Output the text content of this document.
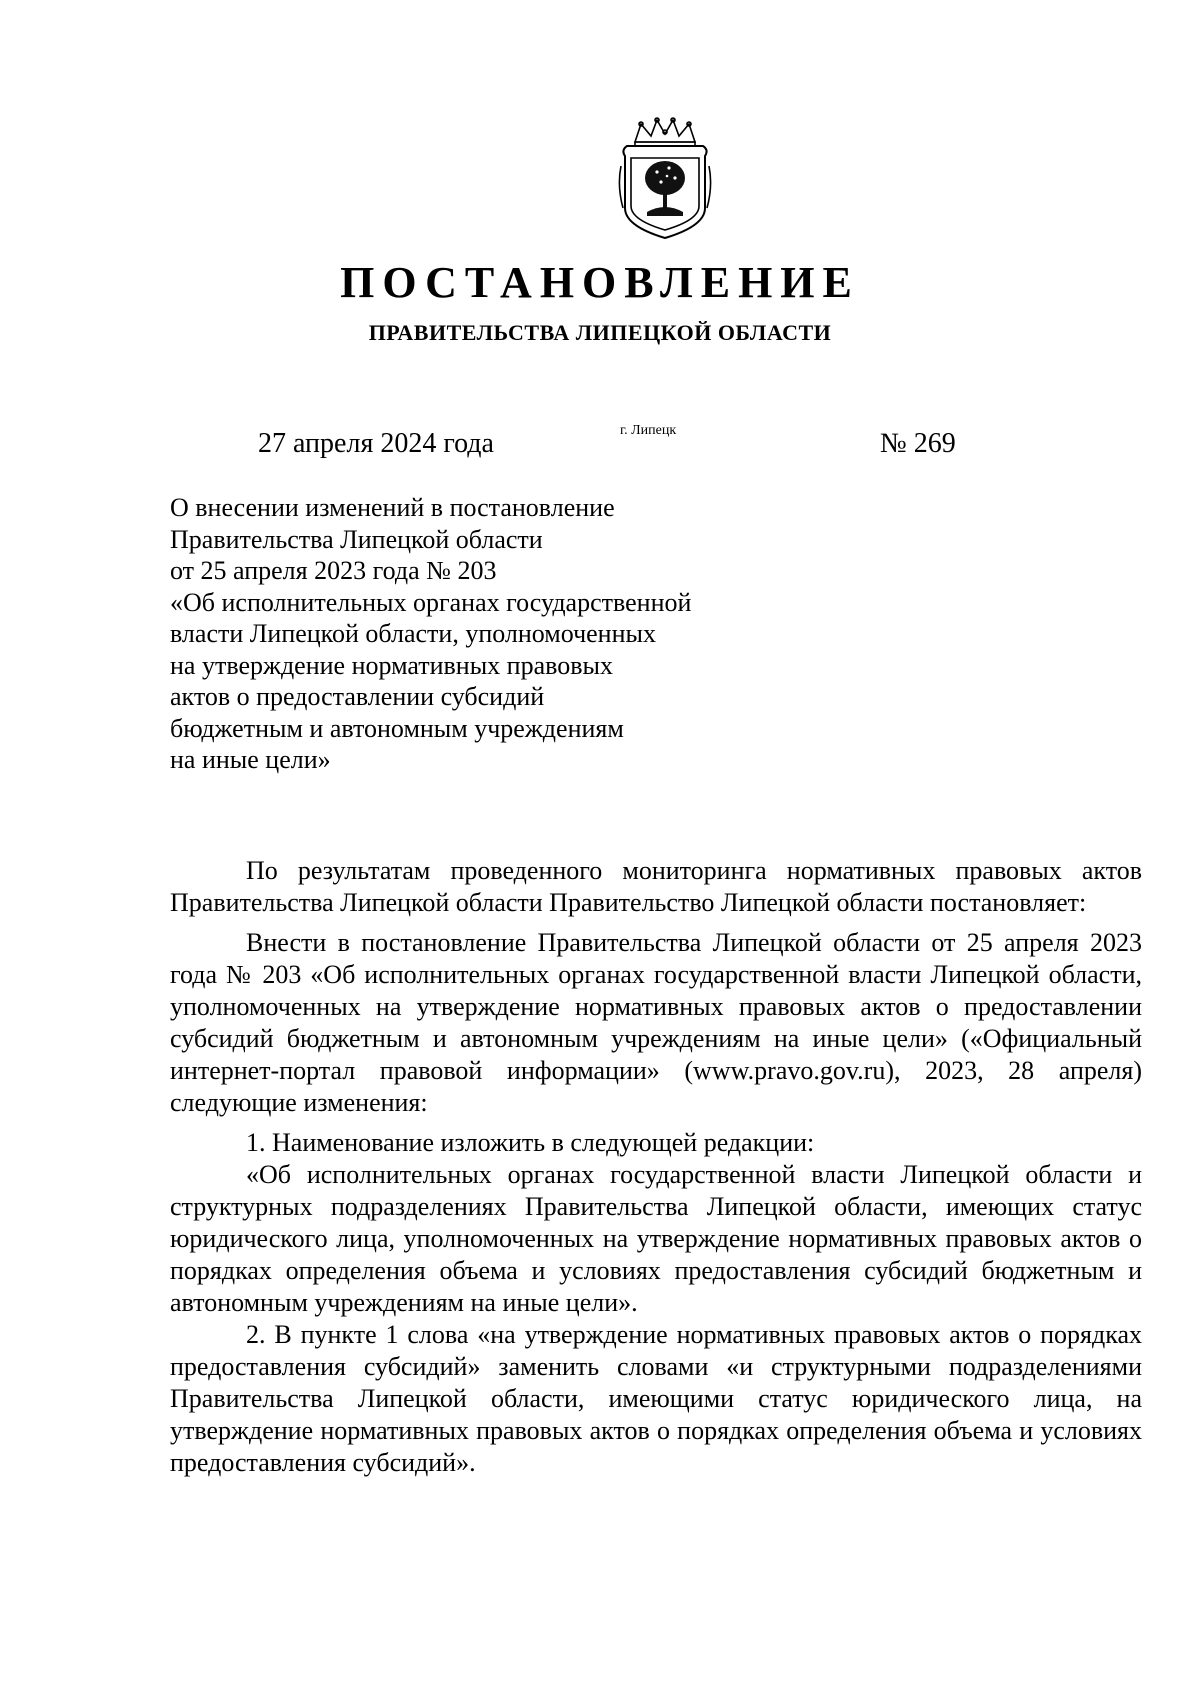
ПОСТАНОВЛЕНИЕ
ПРАВИТЕЛЬСТВА ЛИПЕЦКОЙ ОБЛАСТИ
27 апреля 2024 года	г. Липецк	№ 269
О внесении изменений в постановление
Правительства Липецкой области
от 25 апреля 2023 года № 203
«Об исполнительных органах государственной
власти Липецкой области, уполномоченных
на утверждение нормативных правовых
актов о предоставлении субсидий
бюджетным и автономным учреждениям
на иные цели»

По результатам проведенного мониторинга нормативных правовых актов Правительства Липецкой области Правительство Липецкой области постановляет:

Внести в постановление Правительства Липецкой области от 25 апреля 2023 года № 203 «Об исполнительных органах государственной власти Липецкой области, уполномоченных на утверждение нормативных правовых актов о предоставлении субсидий бюджетным и автономным учреждениям на иные цели» («Официальный интернет-портал правовой информации» (www.pravo.gov.ru), 2023, 28 апреля) следующие изменения:

1. Наименование изложить в следующей редакции:

«Об исполнительных органах государственной власти Липецкой области и структурных подразделениях Правительства Липецкой области, имеющих статус юридического лица, уполномоченных на утверждение нормативных правовых актов о порядках определения объема и условиях предоставления субсидий бюджетным и автономным учреждениям на иные цели».

2. В пункте 1 слова «на утверждение нормативных правовых актов о порядках предоставления субсидий» заменить словами «и структурными подразделениями Правительства Липецкой области, имеющими статус юридического лица, на утверждение нормативных правовых актов о порядках определения объема и условиях предоставления субсидий».
